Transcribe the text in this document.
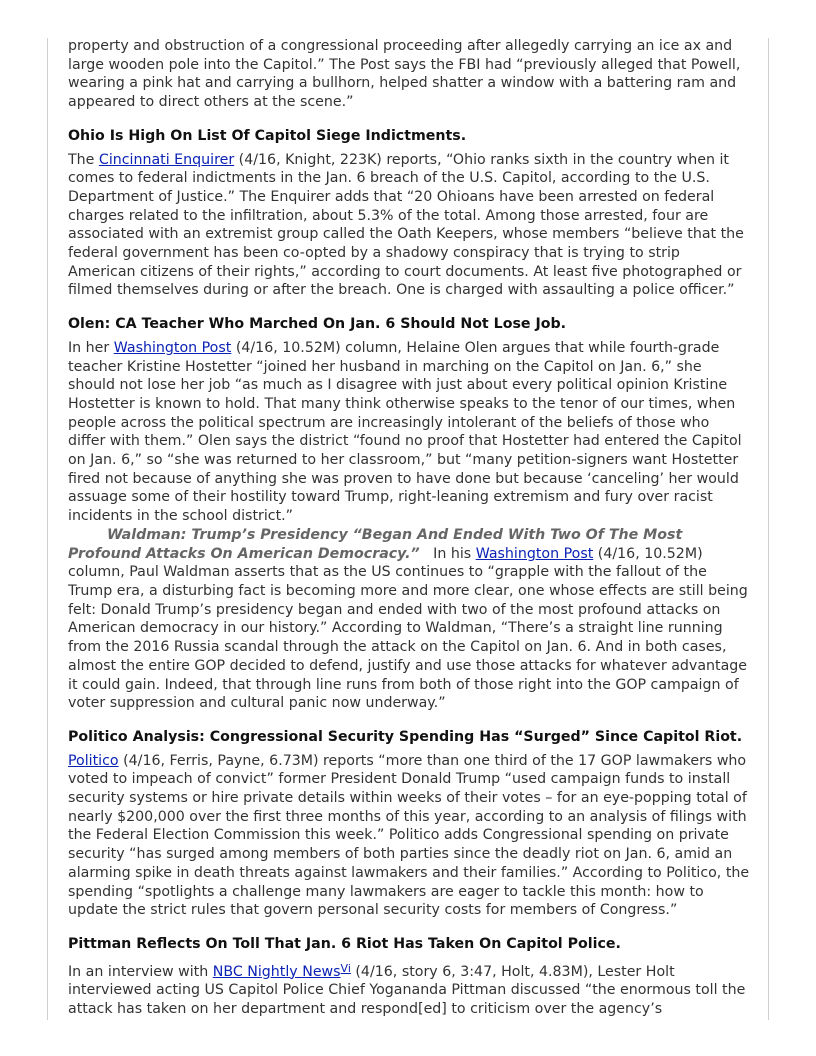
property and obstruction of a congressional proceeding after allegedly carrying an ice ax and large wooden pole into the Capitol.” The Post says the FBI had “previously alleged that Powell, wearing a pink hat and carrying a bullhorn, helped shatter a window with a battering ram and appeared to direct others at the scene.”

Ohio Is High On List Of Capitol Siege Indictments.

The Cincinnati Enquirer (4/16, Knight, 223K) reports, “Ohio ranks sixth in the country when it comes to federal indictments in the Jan. 6 breach of the U.S. Capitol, according to the U.S. Department of Justice.” The Enquirer adds that “20 Ohioans have been arrested on federal charges related to the infiltration, about 5.3% of the total. Among those arrested, four are associated with an extremist group called the Oath Keepers, whose members “believe that the federal government has been co-opted by a shadowy conspiracy that is trying to strip American citizens of their rights,” according to court documents. At least five photographed or filmed themselves during or after the breach. One is charged with assaulting a police officer.”

Olen: CA Teacher Who Marched On Jan. 6 Should Not Lose Job.

In her Washington Post (4/16, 10.52M) column, Helaine Olen argues that while fourth-grade teacher Kristine Hostetter “joined her husband in marching on the Capitol on Jan. 6,” she should not lose her job “as much as I disagree with just about every political opinion Kristine Hostetter is known to hold. That many think otherwise speaks to the tenor of our times, when people across the political spectrum are increasingly intolerant of the beliefs of those who differ with them.” Olen says the district “found no proof that Hostetter had entered the Capitol on Jan. 6,” so “she was returned to her classroom,” but “many petition-signers want Hostetter fired not because of anything she was proven to have done but because ‘canceling’ her would assuage some of their hostility toward Trump, right-leaning extremism and fury over racist incidents in the school district.”

Waldman: Trump’s Presidency “Began And Ended With Two Of The Most Profound Attacks On American Democracy.”   In his Washington Post (4/16, 10.52M) column, Paul Waldman asserts that as the US continues to “grapple with the fallout of the Trump era, a disturbing fact is becoming more and more clear, one whose effects are still being felt: Donald Trump’s presidency began and ended with two of the most profound attacks on American democracy in our history.” According to Waldman, “There’s a straight line running from the 2016 Russia scandal through the attack on the Capitol on Jan. 6. And in both cases, almost the entire GOP decided to defend, justify and use those attacks for whatever advantage it could gain. Indeed, that through line runs from both of those right into the GOP campaign of voter suppression and cultural panic now underway.”

Politico Analysis: Congressional Security Spending Has “Surged” Since Capitol Riot.

Politico (4/16, Ferris, Payne, 6.73M) reports “more than one third of the 17 GOP lawmakers who voted to impeach of convict” former President Donald Trump “used campaign funds to install security systems or hire private details within weeks of their votes – for an eye-popping total of nearly $200,000 over the first three months of this year, according to an analysis of filings with the Federal Election Commission this week.” Politico adds Congressional spending on private security “has surged among members of both parties since the deadly riot on Jan. 6, amid an alarming spike in death threats against lawmakers and their families.” According to Politico, the spending “spotlights a challenge many lawmakers are eager to tackle this month: how to update the strict rules that govern personal security costs for members of Congress.”

Pittman Reflects On Toll That Jan. 6 Riot Has Taken On Capitol Police.

In an interview with NBC Nightly News$^{Vi}$ (4/16, story 6, 3:47, Holt, 4.83M), Lester Holt interviewed acting US Capitol Police Chief Yoganandа Pittman discussed “the enormous toll the attack has taken on her department and respond[ed] to criticism over the agency’s
